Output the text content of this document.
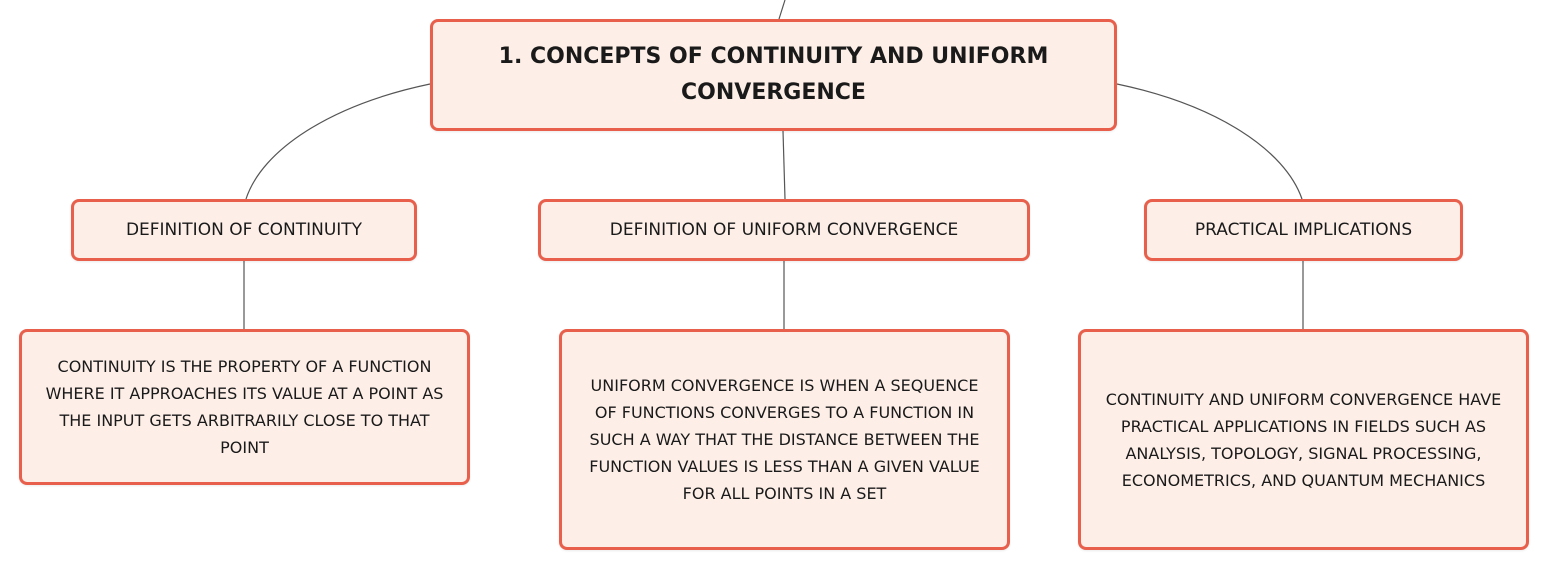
1. CONCEPTS OF CONTINUITY AND UNIFORM CONVERGENCE
DEFINITION OF CONTINUITY	DEFINITION OF UNIFORM CONVERGENCE	PRACTICAL IMPLICATIONS
CONTINUITY IS THE PROPERTY OF A FUNCTION WHERE IT APPROACHES ITS VALUE AT A POINT AS THE INPUT GETS ARBITRARILY CLOSE TO THAT POINT
UNIFORM CONVERGENCE IS WHEN A SEQUENCE OF FUNCTIONS CONVERGES TO A FUNCTION IN SUCH A WAY THAT THE DISTANCE BETWEEN THE FUNCTION VALUES IS LESS THAN A GIVEN VALUE FOR ALL POINTS IN A SET
CONTINUITY AND UNIFORM CONVERGENCE HAVE PRACTICAL APPLICATIONS IN FIELDS SUCH AS ANALYSIS, TOPOLOGY, SIGNAL PROCESSING, ECONOMETRICS, AND QUANTUM MECHANICS
